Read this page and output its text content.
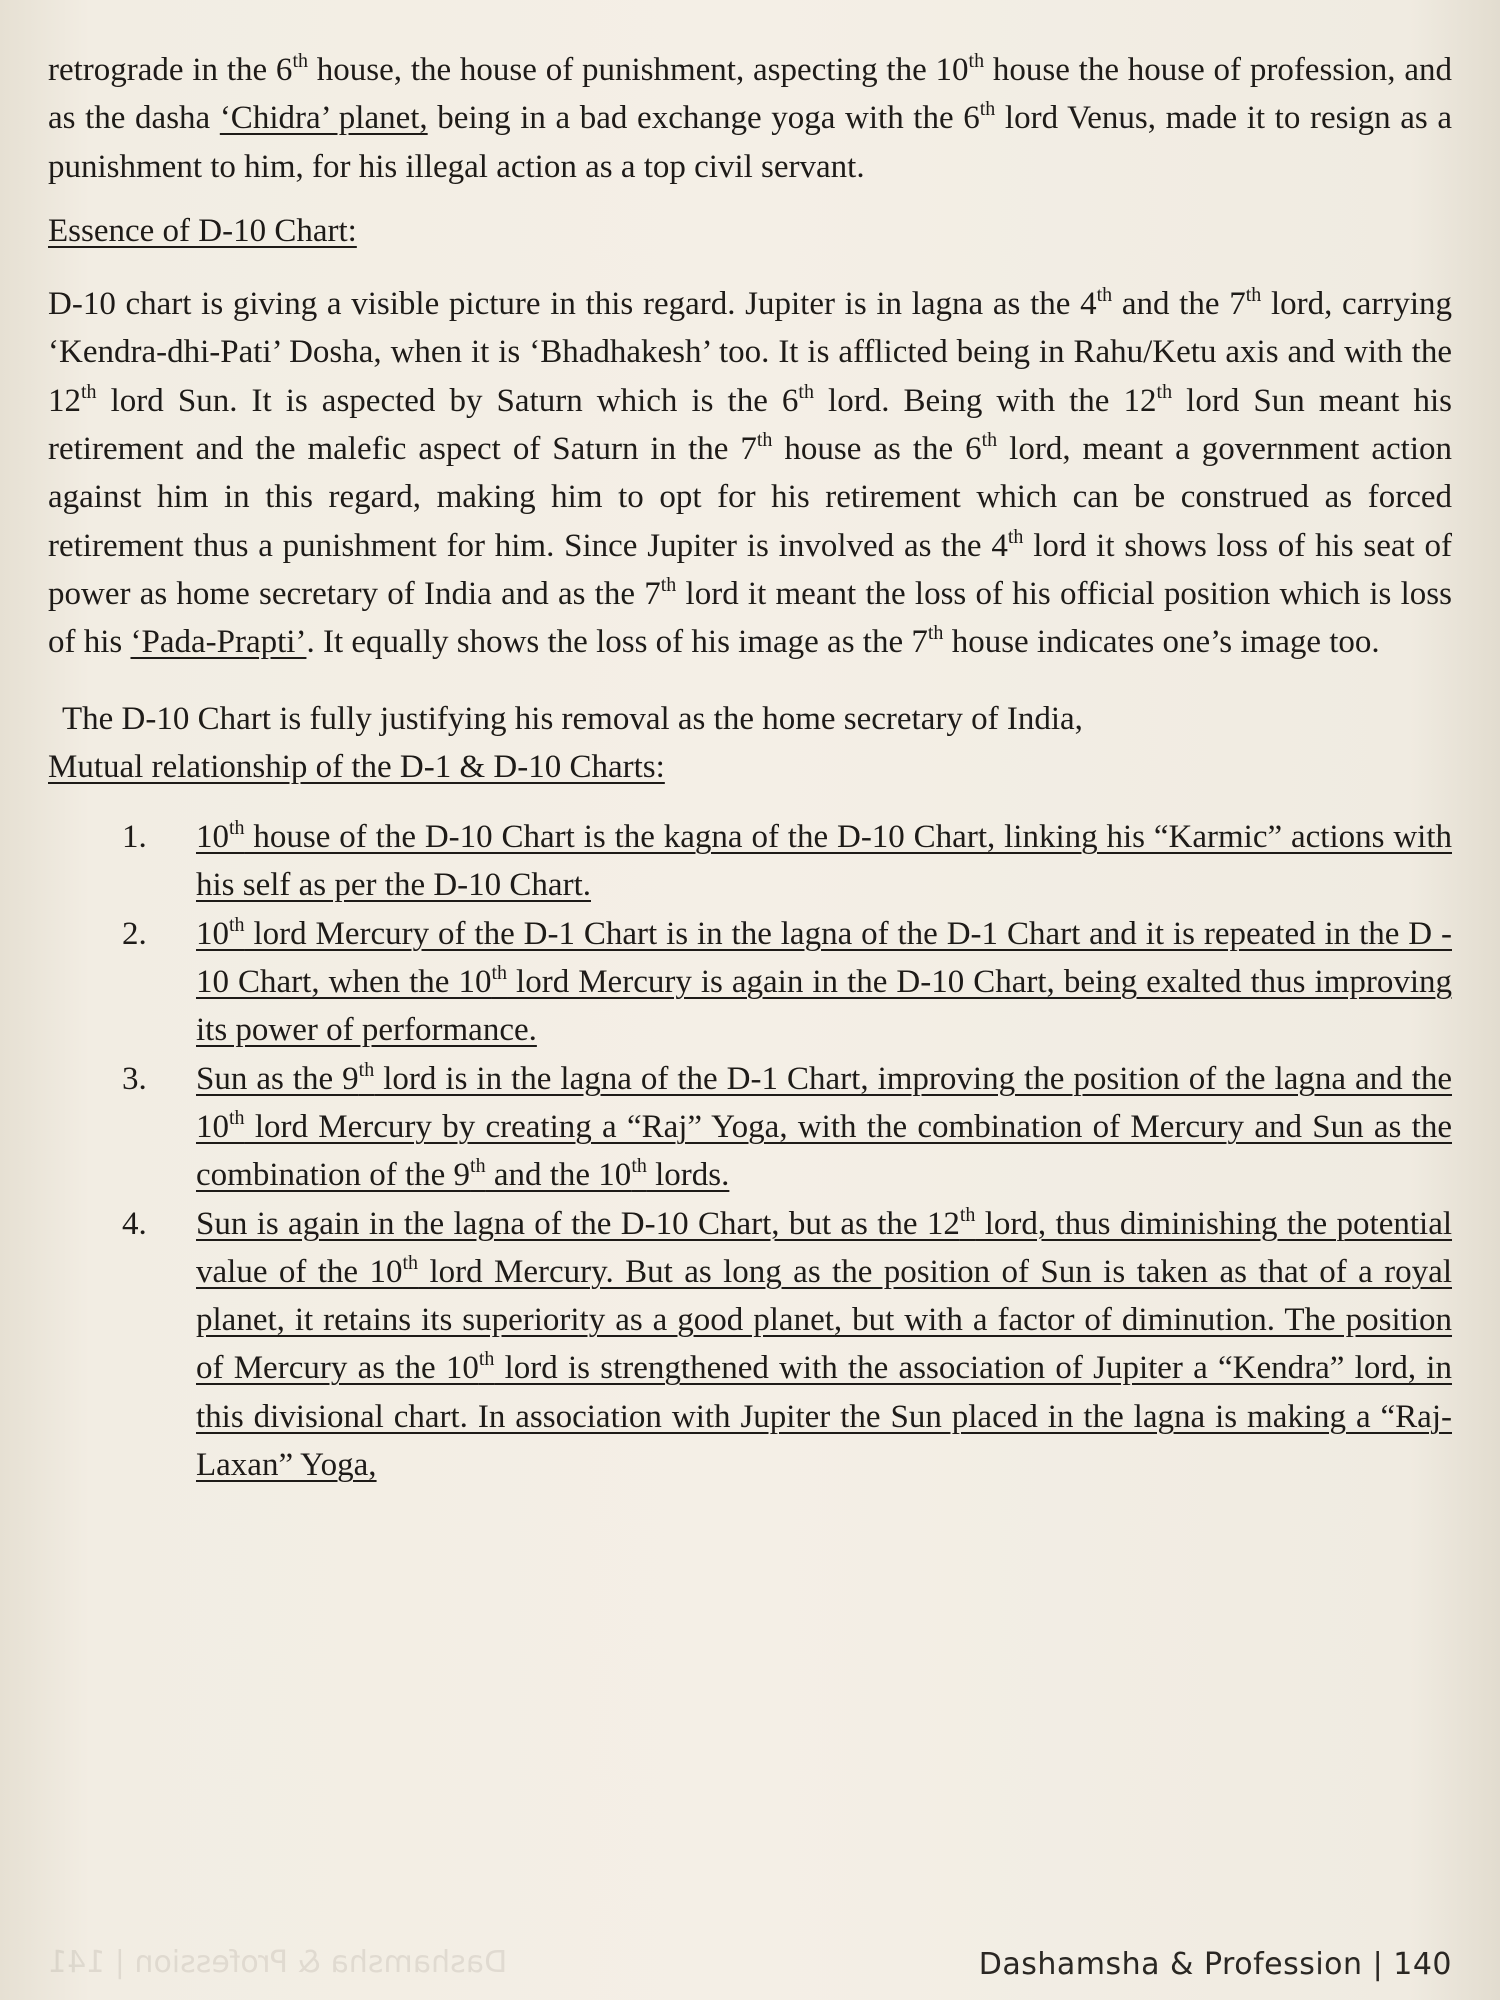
retrograde in the 6th house, the house of punishment, aspecting the 10th house the house of profession, and as the dasha ‘Chidra’ planet, being in a bad exchange yoga with the 6th lord Venus, made it to resign as a punishment to him, for his illegal action as a top civil servant.

Essence of D-10 Chart:

D-10 chart is giving a visible picture in this regard. Jupiter is in lagna as the 4th and the 7th lord, carrying ‘Kendra-dhi-Pati’ Dosha, when it is ‘Bhadhakesh’ too. It is afflicted being in Rahu/Ketu axis and with the 12th lord Sun. It is aspected by Saturn which is the 6th lord. Being with the 12th lord Sun meant his retirement and the malefic aspect of Saturn in the 7th house as the 6th lord, meant a government action against him in this regard, making him to opt for his retirement which can be construed as forced retirement thus a punishment for him. Since Jupiter is involved as the 4th lord it shows loss of his seat of power as home secretary of India and as the 7th lord it meant the loss of his official position which is loss of his ‘Pada-Prapti’. It equally shows the loss of his image as the 7th house indicates one’s image too.

The D-10 Chart is fully justifying his removal as the home secretary of India,

Mutual relationship of the D-1 & D-10 Charts:

1. 10th house of the D-10 Chart is the kagna of the D-10 Chart, linking his “Karmic” actions with his self as per the D-10 Chart.
2. 10th lord Mercury of the D-1 Chart is in the lagna of the D-1 Chart and it is repeated in the D - 10 Chart, when the 10th lord Mercury is again in the D-10 Chart, being exalted thus improving its power of performance.
3. Sun as the 9th lord is in the lagna of the D-1 Chart, improving the position of the lagna and the 10th lord Mercury by creating a “Raj” Yoga, with the combination of Mercury and Sun as the combination of the 9th and the 10th lords.
4. Sun is again in the lagna of the D-10 Chart, but as the 12th lord, thus diminishing the potential value of the 10th lord Mercury. But as long as the position of Sun is taken as that of a royal planet, it retains its superiority as a good planet, but with a factor of diminution. The position of Mercury as the 10th lord is strengthened with the association of Jupiter a “Kendra” lord, in this divisional chart. In association with Jupiter the Sun placed in the lagna is making a “Raj-Laxan” Yoga,
Dashamsha & Profession | 141	Dashamsha & Profession | 140
